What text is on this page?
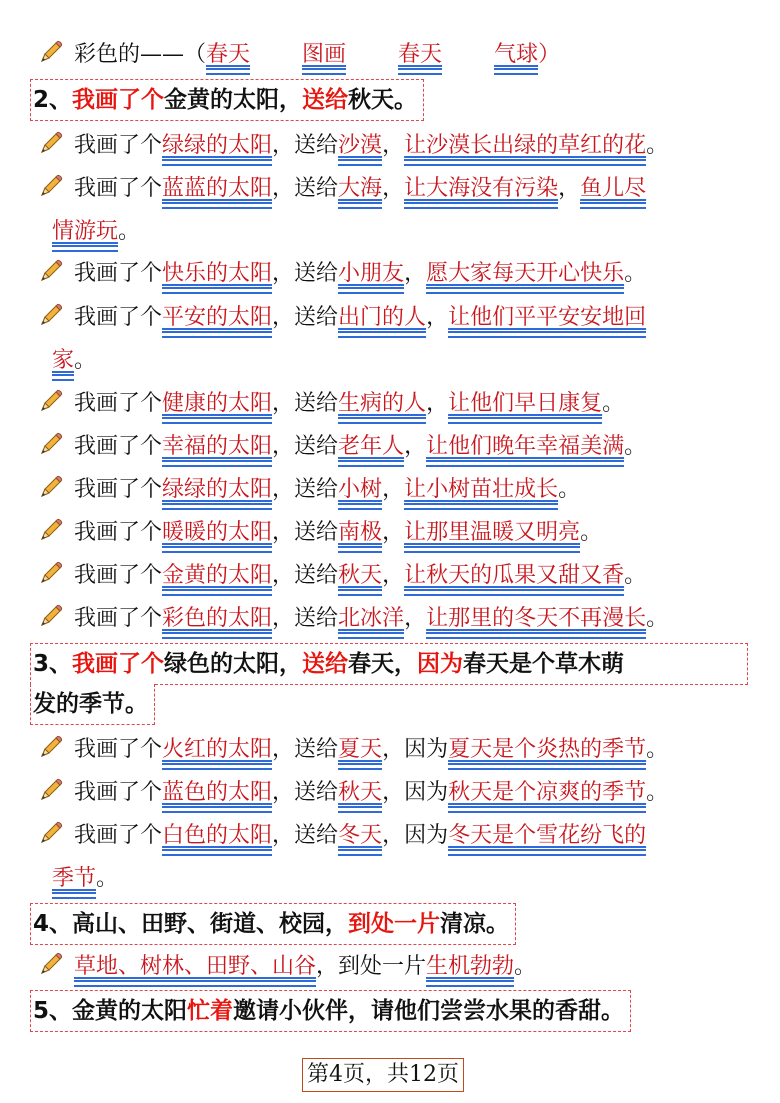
彩色的——（春天 图画 春天 气球）
2、我画了个金黄的太阳，送给秋天。
我画了个绿绿的太阳，送给沙漠，让沙漠长出绿的草红的花。
我画了个蓝蓝的太阳，送给大海，让大海没有污染，鱼儿尽
情游玩。
我画了个快乐的太阳，送给小朋友，愿大家每天开心快乐。
我画了个平安的太阳，送给出门的人，让他们平平安安地回
家。
我画了个健康的太阳，送给生病的人，让他们早日康复。
我画了个幸福的太阳，送给老年人，让他们晚年幸福美满。
我画了个绿绿的太阳，送给小树，让小树苗壮成长。
我画了个暖暖的太阳，送给南极，让那里温暖又明亮。
我画了个金黄的太阳，送给秋天，让秋天的瓜果又甜又香。
我画了个彩色的太阳，送给北冰洋，让那里的冬天不再漫长。
3、我画了个绿色的太阳，送给春天，因为春天是个草木萌
发的季节。
我画了个火红的太阳，送给夏天，因为夏天是个炎热的季节。
我画了个蓝色的太阳，送给秋天，因为秋天是个凉爽的季节。
我画了个白色的太阳，送给冬天，因为冬天是个雪花纷飞的
季节。
4、高山、田野、街道、校园，到处一片清凉。
草地、树林、田野、山谷，到处一片生机勃勃。
5、金黄的太阳忙着邀请小伙伴，请他们尝尝水果的香甜。
第4页，共12页
